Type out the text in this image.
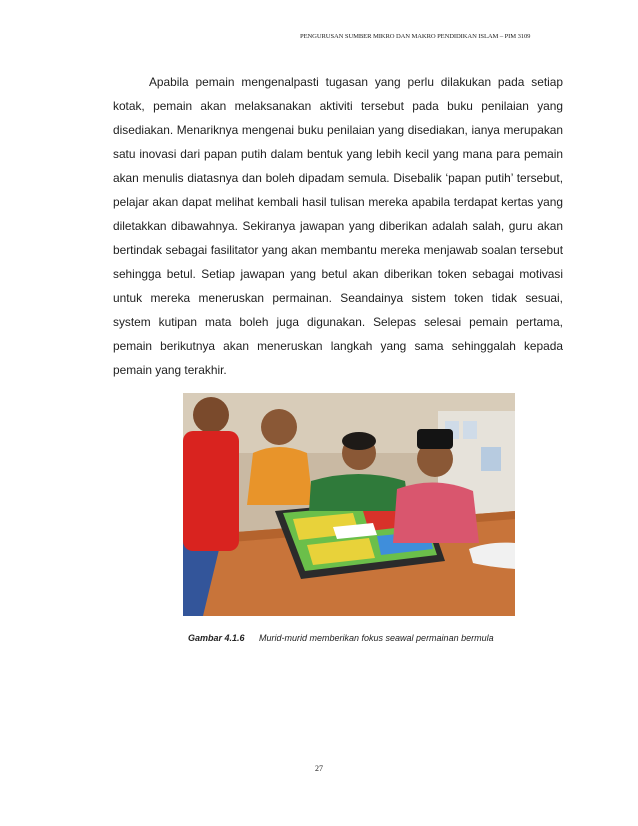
PENGURUSAN SUMBER MIKRO DAN MAKRO PENDIDIKAN ISLAM – PIM 3109

Apabila pemain mengenalpasti tugasan yang perlu dilakukan pada setiap kotak, pemain akan melaksanakan aktiviti tersebut pada buku penilaian yang disediakan. Menariknya mengenai buku penilaian yang disediakan, ianya merupakan satu inovasi dari papan putih dalam bentuk yang lebih kecil yang mana para pemain akan menulis diatasnya dan boleh dipadam semula. Disebalik ‘papan putih’ tersebut, pelajar akan dapat melihat kembali hasil tulisan mereka apabila terdapat kertas yang diletakkan dibawahnya. Sekiranya jawapan yang diberikan adalah salah, guru akan bertindak sebagai fasilitator yang akan membantu mereka menjawab soalan tersebut sehingga betul. Setiap jawapan yang betul akan diberikan token sebagai motivasi untuk mereka meneruskan permainan. Seandainya sistem token tidak sesuai, system kutipan mata boleh juga digunakan. Selepas selesai pemain pertama, pemain berikutnya akan meneruskan langkah yang sama sehinggalah kepada pemain yang terakhir.

Gambar 4.1.6 Murid-murid memberikan fokus seawal permainan bermula
27
